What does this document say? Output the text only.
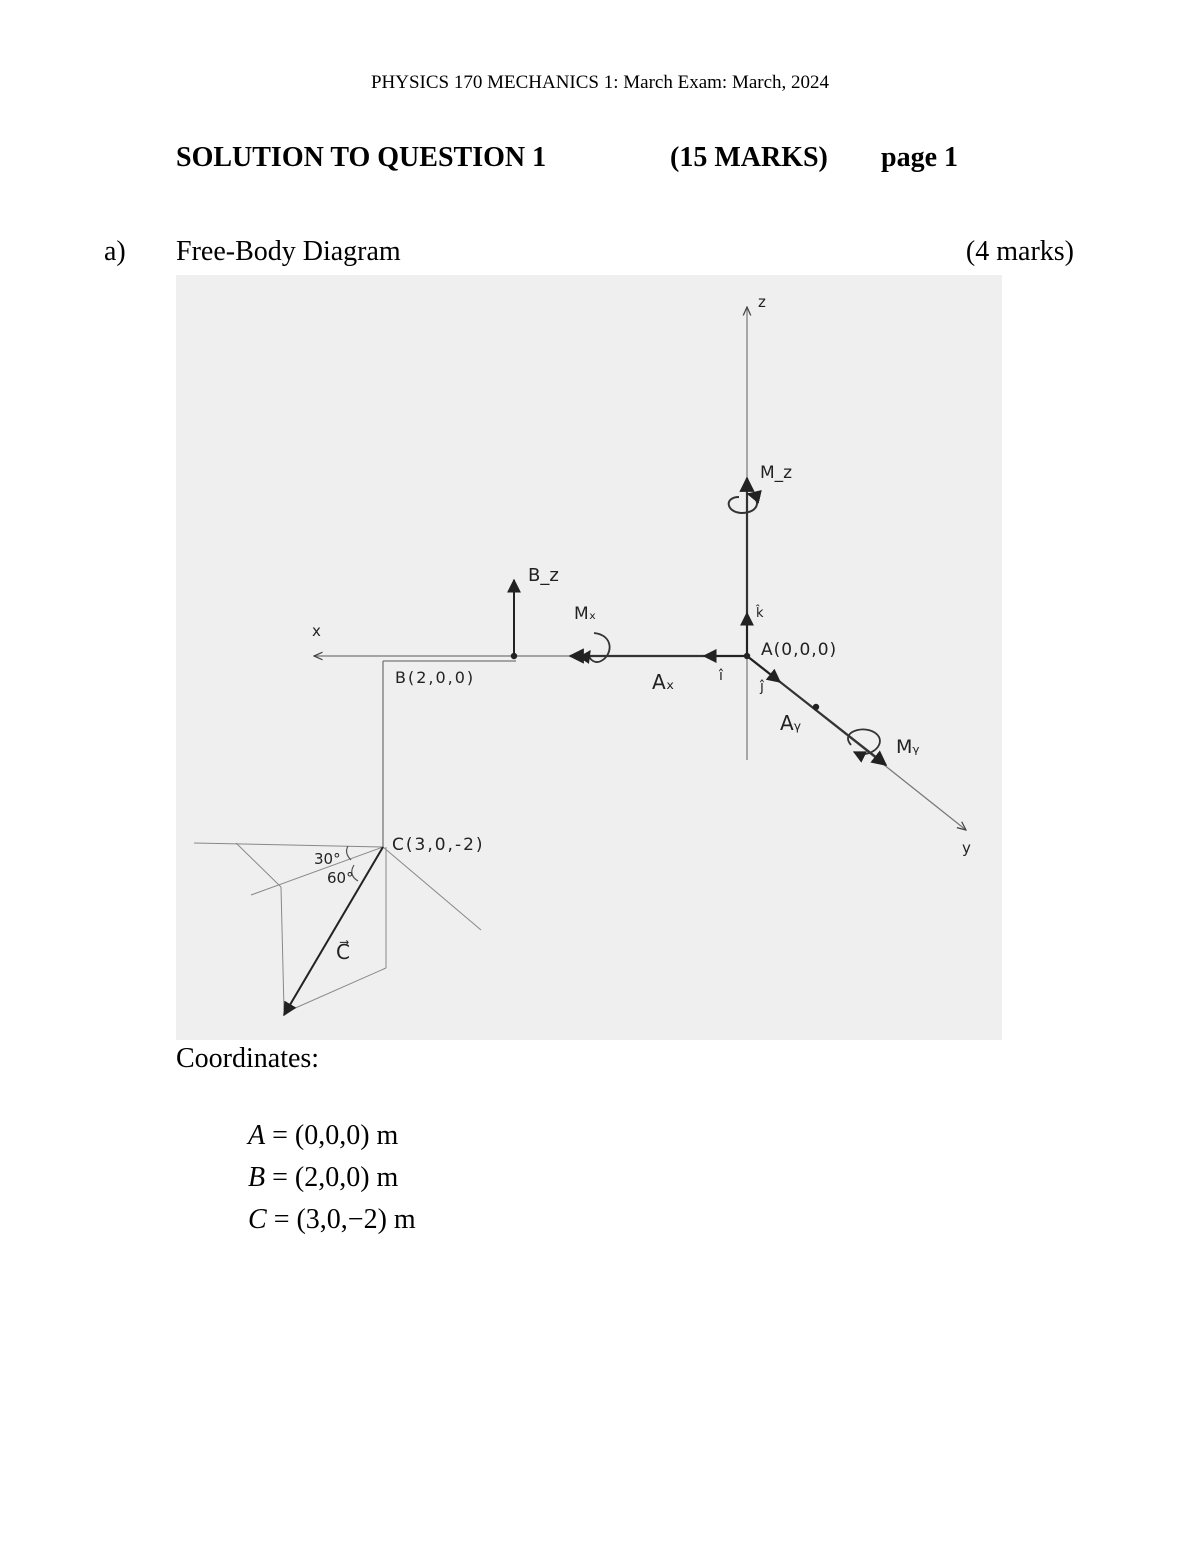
PHYSICS 170 MECHANICS 1: March Exam: March, 2024
SOLUTION TO QUESTION 1	(15 MARKS) page 1
a) Free-Body Diagram	(4 marks)
z
x
y
k̂
î
ĵ
A(0,0,0)
B(2,0,0)
C(3,0,-2)
Aₓ
Aᵧ
B_z
Mₓ
Mᵧ
M_z
30°
60°
C⃗
Coordinates:
A = (0,0,0) m
B = (2,0,0) m
C = (3,0,−2) m
